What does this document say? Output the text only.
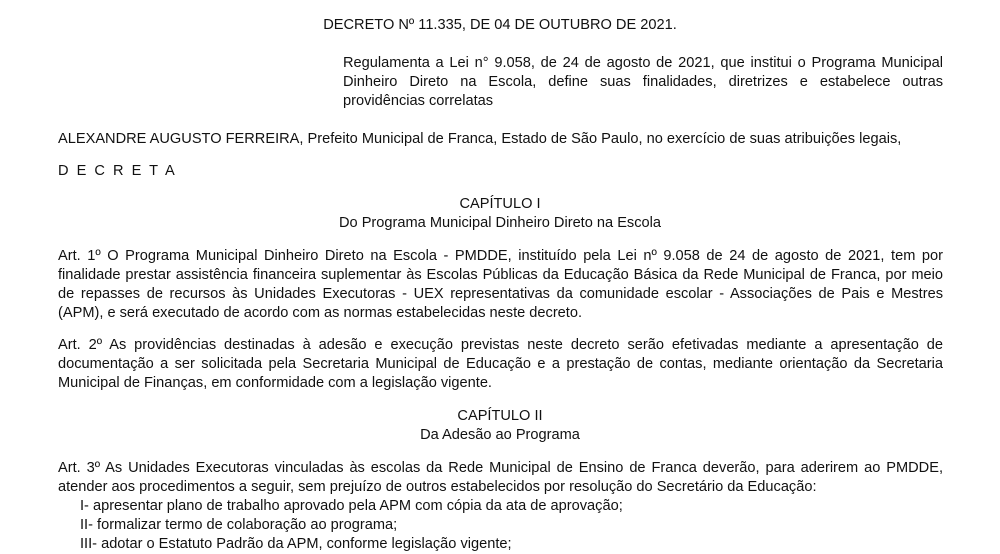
DECRETO Nº 11.335, DE 04 DE OUTUBRO DE 2021.

Regulamenta a Lei n° 9.058, de 24 de agosto de 2021, que institui o Programa Municipal Dinheiro Direto na Escola, define suas finalidades, diretrizes e estabelece outras providências correlatas

ALEXANDRE AUGUSTO FERREIRA, Prefeito Municipal de Franca, Estado de São Paulo, no exercício de suas atribuições legais,

D E C R E T A

CAPÍTULO I

Do Programa Municipal Dinheiro Direto na Escola

Art. 1º O Programa Municipal Dinheiro Direto na Escola - PMDDE, instituído pela Lei nº 9.058 de 24 de agosto de 2021, tem por finalidade prestar assistência financeira suplementar às Escolas Públicas da Educação Básica da Rede Municipal de Franca, por meio de repasses de recursos às Unidades Executoras - UEX representativas da comunidade escolar - Associações de Pais e Mestres (APM), e será executado de acordo com as normas estabelecidas neste decreto.

Art. 2º As providências destinadas à adesão e execução previstas neste decreto serão efetivadas mediante a apresentação de documentação a ser solicitada pela Secretaria Municipal de Educação e a prestação de contas, mediante orientação da Secretaria Municipal de Finanças, em conformidade com a legislação vigente.

CAPÍTULO II

Da Adesão ao Programa

Art. 3º As Unidades Executoras vinculadas às escolas da Rede Municipal de Ensino de Franca deverão, para aderirem ao PMDDE, atender aos procedimentos a seguir, sem prejuízo de outros estabelecidos por resolução do Secretário da Educação:

I- apresentar plano de trabalho aprovado pela APM com cópia da ata de aprovação;

II- formalizar termo de colaboração ao programa;

III- adotar o Estatuto Padrão da APM, conforme legislação vigente;
